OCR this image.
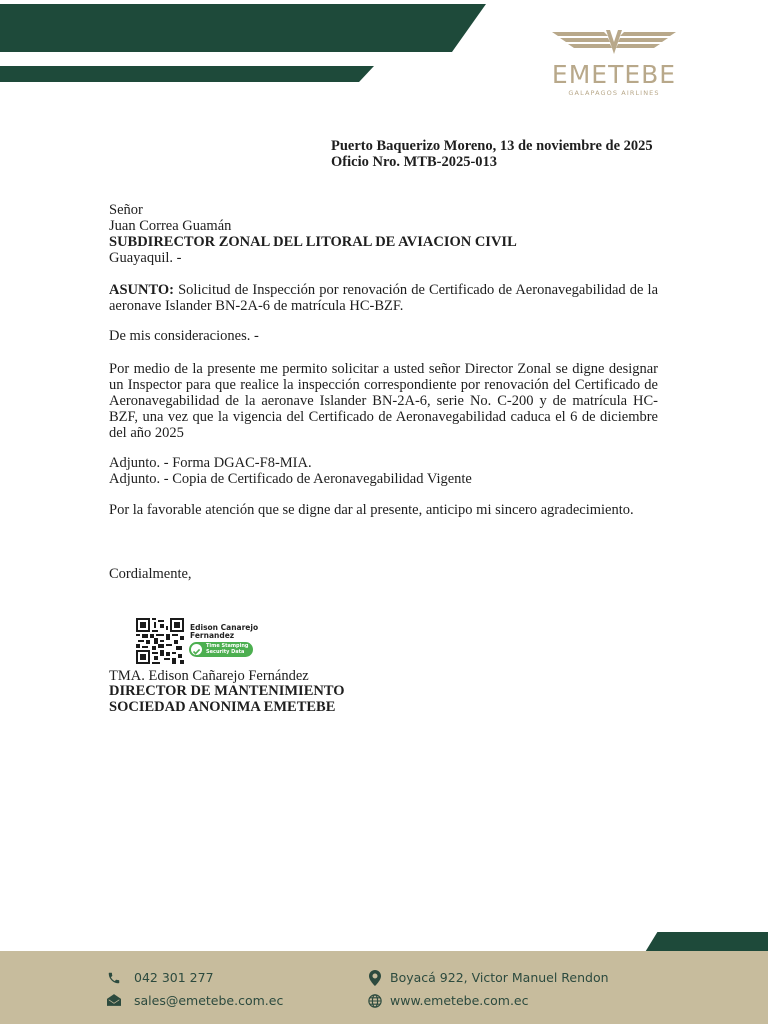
EMETEBE
GALAPAGOS AIRLINES
Puerto Baquerizo Moreno, 13 de noviembre de 2025
Oficio Nro. MTB-2025-013
Señor
Juan Correa Guamán
SUBDIRECTOR ZONAL DEL LITORAL DE AVIACION CIVIL
Guayaquil. -
ASUNTO: Solicitud de Inspección por renovación de Certificado de Aeronavegabilidad de la aeronave Islander BN-2A-6 de matrícula HC-BZF.
De mis consideraciones. -
Por medio de la presente me permito solicitar a usted señor Director Zonal se digne designar un Inspector para que realice la inspección correspondiente por renovación del Certificado de Aeronavegabilidad de la aeronave Islander BN-2A-6, serie No. C-200 y de matrícula HC-BZF, una vez que la vigencia del Certificado de Aeronavegabilidad caduca el 6 de diciembre del año 2025
Adjunto. - Forma DGAC-F8-MIA.
Adjunto. - Copia de Certificado de Aeronavegabilidad Vigente
Por la favorable atención que se digne dar al presente, anticipo mi sincero agradecimiento.
Cordialmente,
Edison Canarejo
Fernandez
Time Stamping
Security Data
TMA. Edison Cañarejo Fernández
DIRECTOR DE MANTENIMIENTO
SOCIEDAD ANONIMA EMETEBE
042 301 277
sales@emetebe.com.ec
Boyacá 922, Victor Manuel Rendon
www.emetebe.com.ec
